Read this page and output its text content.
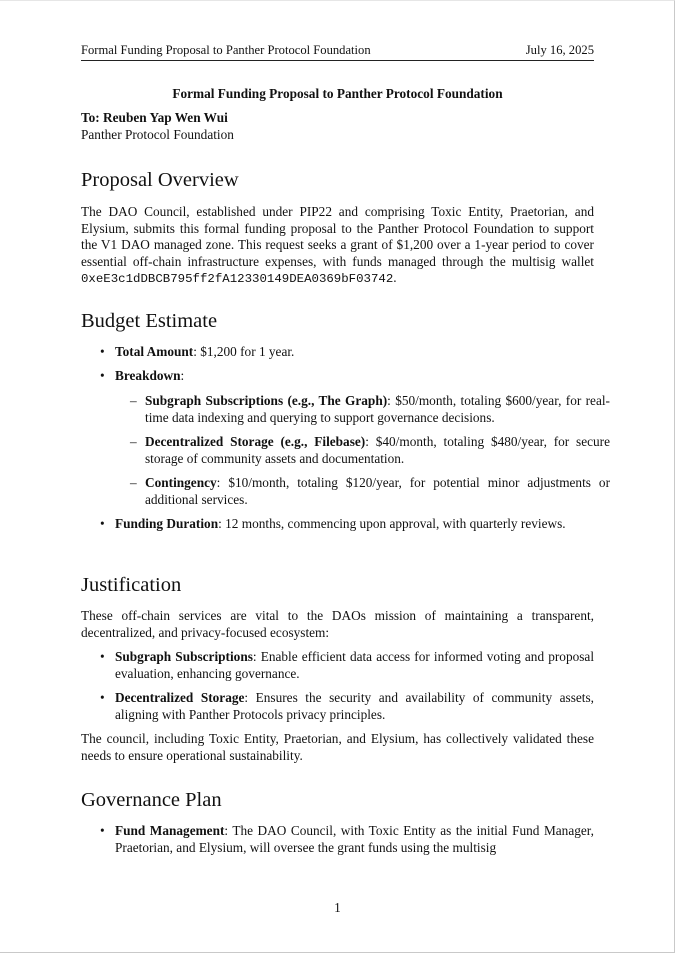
Formal Funding Proposal to Panther Protocol Foundation	July 16, 2025
Formal Funding Proposal to Panther Protocol Foundation
To: Reuben Yap Wen Wui
Panther Protocol Foundation
Proposal Overview

The DAO Council, established under PIP22 and comprising Toxic Entity, Praetorian, and Elysium, submits this formal funding proposal to the Panther Protocol Foundation to support the V1 DAO managed zone. This request seeks a grant of $1,200 over a 1-year period to cover essential off-chain infrastructure expenses, with funds managed through the multisig wallet 0xeE3c1dDBCB795ff2fA12330149DEA0369bF03742.

Budget Estimate
• Total Amount: $1,200 for 1 year.
• Breakdown:
– Subgraph Subscriptions (e.g., The Graph): $50/month, totaling $600/year, for real-time data indexing and querying to support governance decisions.
– Decentralized Storage (e.g., Filebase): $40/month, totaling $480/year, for secure storage of community assets and documentation.
– Contingency: $10/month, totaling $120/year, for potential minor adjustments or additional services.
• Funding Duration: 12 months, commencing upon approval, with quarterly reviews.
Justification

These off-chain services are vital to the DAOs mission of maintaining a transparent, decentralized, and privacy-focused ecosystem:

• Subgraph Subscriptions: Enable efficient data access for informed voting and proposal evaluation, enhancing governance.
• Decentralized Storage: Ensures the security and availability of community assets, aligning with Panther Protocols privacy principles.

The council, including Toxic Entity, Praetorian, and Elysium, has collectively validated these needs to ensure operational sustainability.

Governance Plan
• Fund Management: The DAO Council, with Toxic Entity as the initial Fund Manager, Praetorian, and Elysium, will oversee the grant funds using the multisig
1
